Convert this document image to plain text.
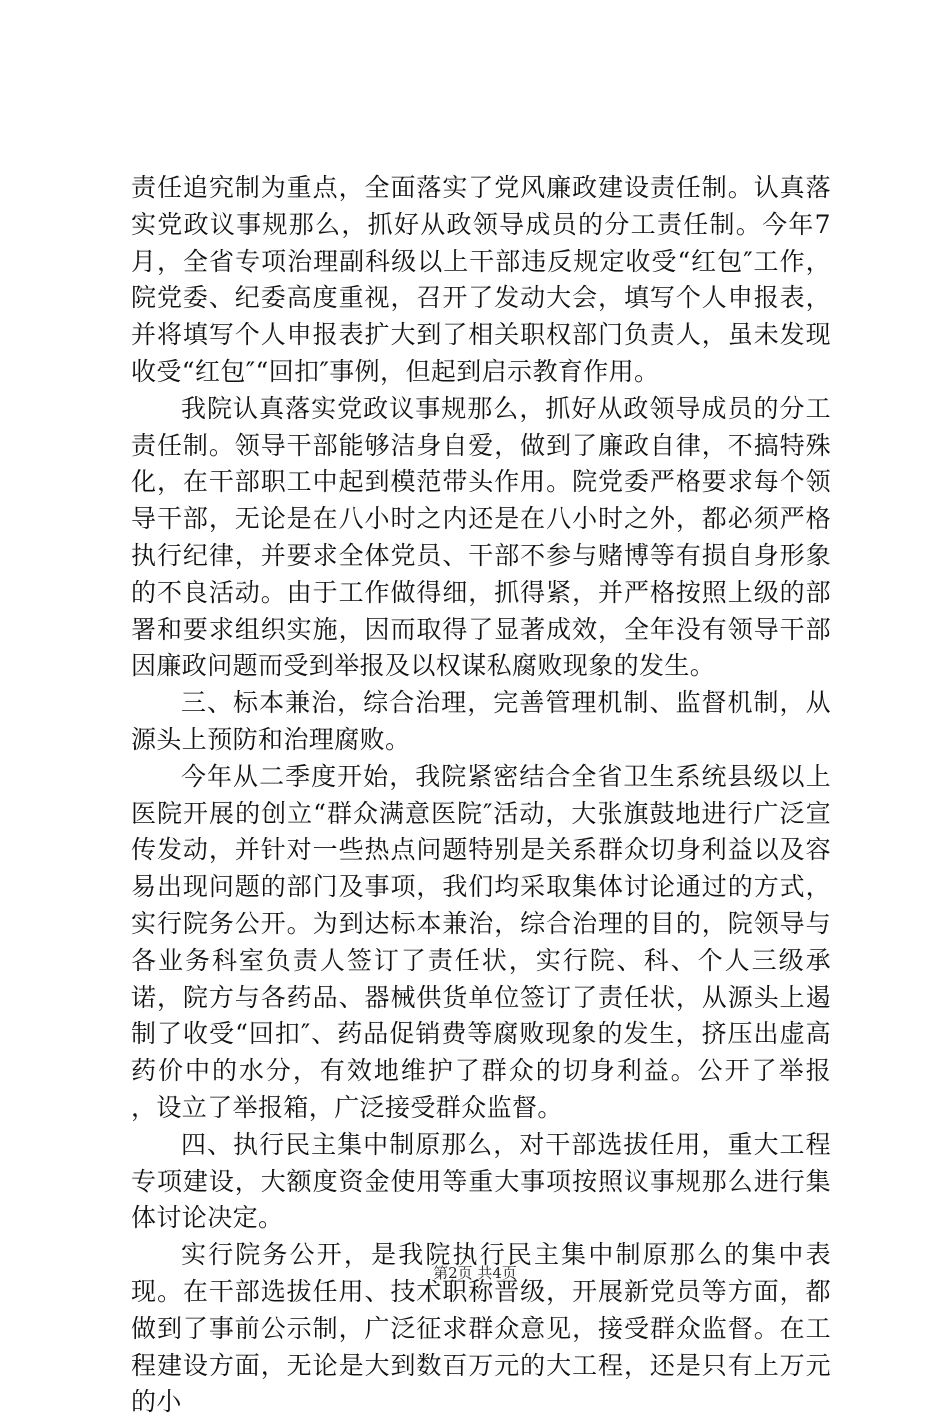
责任追究制为重点，全面落实了党风廉政建设责任制。认真落实党政议事规那么，抓好从政领导成员的分工责任制。今年7月，全省专项治理副科级以上干部违反规定收受“红包″工作，院党委、纪委高度重视，召开了发动大会，填写个人申报表，并将填写个人申报表扩大到了相关职权部门负责人，虽未发现收受“红包″“回扣″事例，但起到启示教育作用。

我院认真落实党政议事规那么，抓好从政领导成员的分工责任制。领导干部能够洁身自爱，做到了廉政自律，不搞特殊化，在干部职工中起到模范带头作用。院党委严格要求每个领导干部，无论是在八小时之内还是在八小时之外，都必须严格执行纪律，并要求全体党员、干部不参与赌博等有损自身形象的不良活动。由于工作做得细，抓得紧，并严格按照上级的部署和要求组织实施，因而取得了显著成效，全年没有领导干部因廉政问题而受到举报及以权谋私腐败现象的发生。

三、标本兼治，综合治理，完善管理机制、监督机制，从源头上预防和治理腐败。

今年从二季度开始，我院紧密结合全省卫生系统县级以上医院开展的创立“群众满意医院″活动，大张旗鼓地进行广泛宣传发动，并针对一些热点问题特别是关系群众切身利益以及容易出现问题的部门及事项，我们均采取集体讨论通过的方式，实行院务公开。为到达标本兼治，综合治理的目的，院领导与各业务科室负责人签订了责任状，实行院、科、个人三级承诺，院方与各药品、器械供货单位签订了责任状，从源头上遏制了收受“回扣″、药品促销费等腐败现象的发生，挤压出虚高药价中的水分，有效地维护了群众的切身利益。公开了举报　　，设立了举报箱，广泛接受群众监督。

四、执行民主集中制原那么，对干部选拔任用，重大工程专项建设，大额度资金使用等重大事项按照议事规那么进行集体讨论决定。

实行院务公开，是我院执行民主集中制原那么的集中表现。在干部选拔任用、技术职称晋级，开展新党员等方面，都做到了事前公示制，广泛征求群众意见，接受群众监督。在工程建设方面，无论是大到数百万元的大工程，还是只有上万元的小

第2页 共4页
